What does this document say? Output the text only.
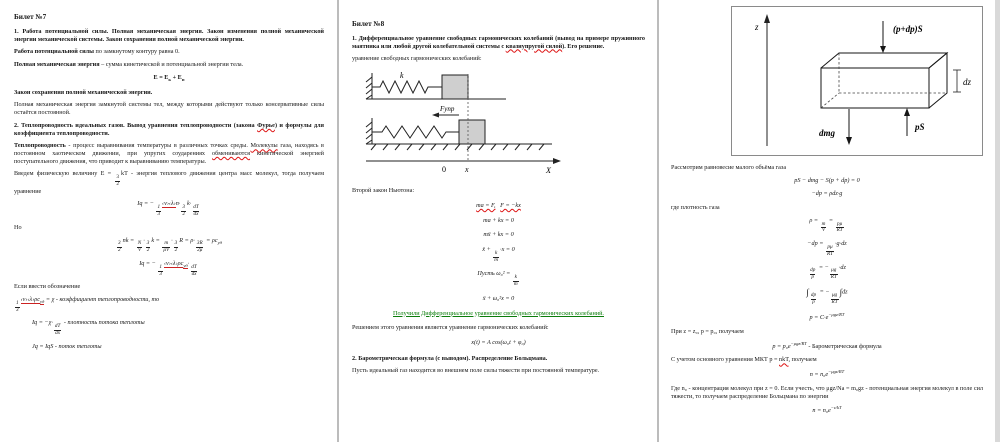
Билет №7

1. Работа потенциальной силы. Полная механическая энергия. Закон изменения полной механической энергии механической системы. Закон сохранения полной механической энергии.

Работа потенциальной силы по замкнутому контуру равна 0.

Полная механическая энергия – сумма кинетической и потенциальной энергии тела.

$Е = Е_к + Е_п$

Закон сохранения полной механической энергии.

Полная механическая энергия замкнутой системы тел, между которыми действуют только консервативные силы остаётся постоянной.

2. Теплопроводность идеальных газов. Вывод уравнения теплопроводности (закона Фурье) и формулы для коэффициента теплопроводности.

Теплопроводность - процесс выравнивания температуры в различных точках среды. Молекулы газа, находясь в постоянном хаотическом движении, при упругих соударениях обмениваются кинетической энергией поступательного движения, что приводит к выравниванию температуры.

Введем физическую величину Е =
$\frac{3}{2}$
kT - энергия теплового движения центра масс молекул, тогда получаем уравнение

Iq = −
$\frac{1}{3}$
‹v›‹λ›n·
$\frac{3}{2}$
k·
$\frac{dT}{dx}$

Но

$\frac{3}{2}$
nk =
$\frac{N}{V}$
·
$\frac{3}{2}$
k =
$\frac{m}{\mu V}$
·
$\frac{3}{2}$
R = ρ·
$\frac{3R}{2\mu}$
= $\rho с_{уд}$
Iq = −
$\frac{1}{3}$
$‹v›‹\lambda›\rho с_{уд}\cdot$
$\frac{dT}{dx}$

Если ввести обозначение

$\frac{1}{3}$
$‹v›‹\lambda›\rho с_{уд} = \chi$ - коэффициент теплопроводности, то
Iq = −χ·
$\frac{dT}{dx}$
- плотность потока теплоты
Jq = IqS - поток теплоты
Билет №8

1. Дифференциальное уравнение свободных гармонических колебаний (вывод на примере пружинного маятника или любой другой колебательной системы с квазиупругой силой). Его решение.

уравнение свободных гармонических колебаний:

k
Fупр
0 x	X

Второй закон Ньютона:

ma = F, F = −kx
ma + kx = 0
mẍ + kx = 0
ẍ +
$\frac{k}{m}$
·x = 0
Пусть ω₀² =
$\frac{k}{m}$
ẍ + ω₀²x = 0

Получили Дифференциальное уравнение свободных гармонических колебаний.

Решением этого уравнения является уравнение гармонических колебаний:

x(t) = A cos(ω₀t + φ₀)

2. Барометрическая формула (с выводом). Распределение Больцмана.

Пусть идеальный газ находится во внешнем поле силы тяжести при постоянной температуре.

z	(p+dp)S
dz
pS
dmg

Рассмотрим равновесие малого объёма газа

pS − dmg − S(p + dp) = 0
−dp = ρdz·g

где плотность газа

ρ =
$\frac{m}{V}$
=
$\frac{p\mu}{RT}$
−dp =
$\frac{p\mu}{RT}$
·g·dz
$\frac{dp}{p}$
= −
$\frac{\mu g}{RT}$
·dz
∫
$\frac{dp}{p}$
= −
$\frac{\mu g}{RT}$
∫dz
$p = C\cdot e^{-\mu gz/RT}$

При z = z₀, p = p₀, получаем

$p = p_0e^{-\mu gz/RT}$ - Барометрическая формула

С учетом основного уравнения МКТ p = nkT, получаем

$n = n_0e^{-\mu gz/RT}$

Где n₀ - концентрация молекул при z = 0. Если учесть, что μgz/Nа = m₀gz - потенциальная энергия молекул в поле сил тяжести, то получаем распределение Больцмана по энергии

$n = n_0e^{-\varepsilon/kT}$
